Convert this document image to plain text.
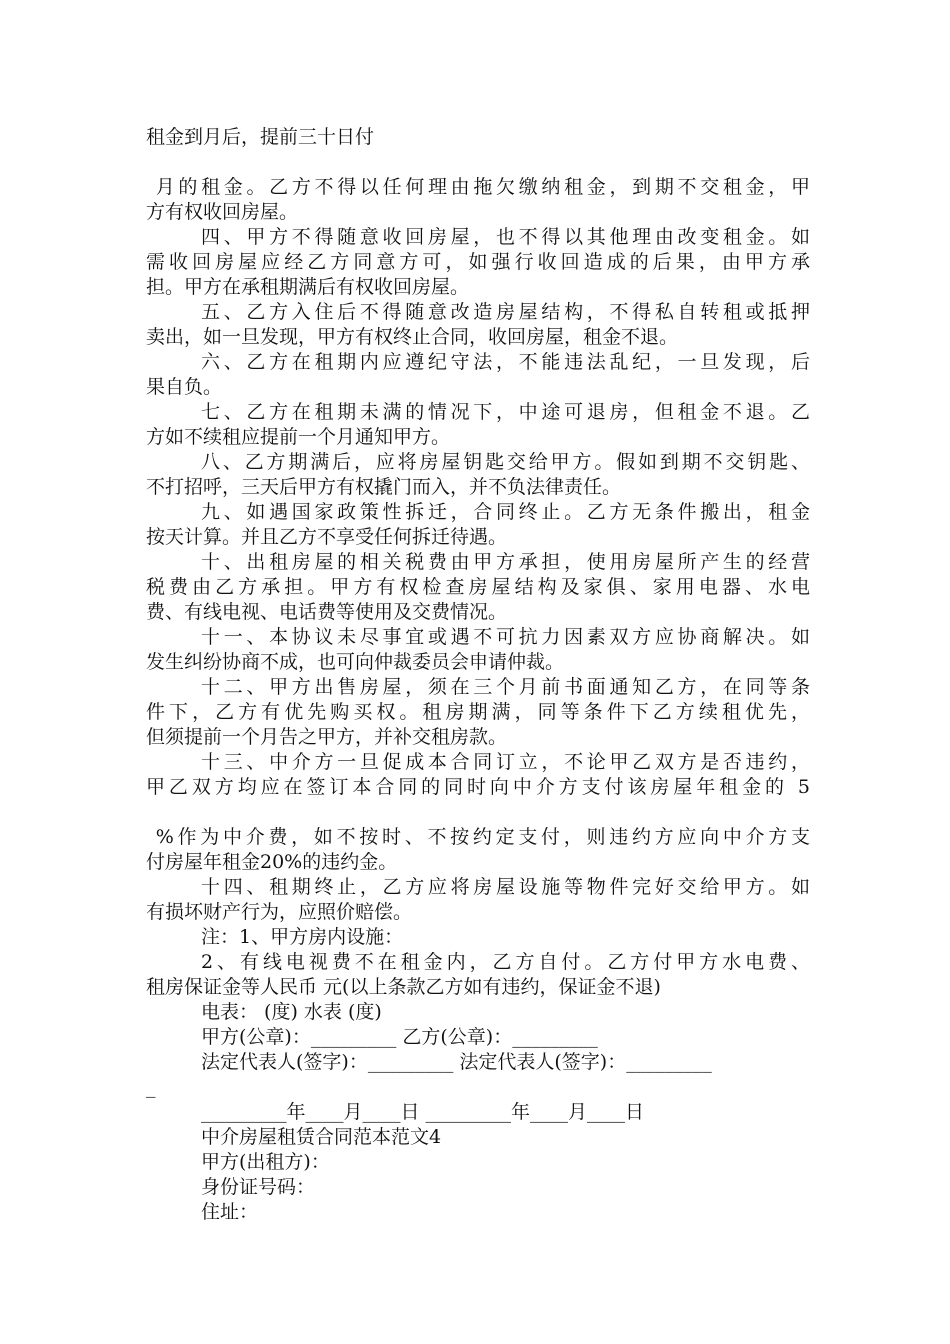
租金到月后，提前三十日付
月的租金。乙方不得以任何理由拖欠缴纳租金，到期不交租金，甲
方有权收回房屋。
四、甲方不得随意收回房屋，也不得以其他理由改变租金。如
需收回房屋应经乙方同意方可，如强行收回造成的后果，由甲方承
担。甲方在承租期满后有权收回房屋。
五、乙方入住后不得随意改造房屋结构，不得私自转租或抵押
卖出，如一旦发现，甲方有权终止合同，收回房屋，租金不退。
六、乙方在租期内应遵纪守法，不能违法乱纪，一旦发现，后
果自负。
七、乙方在租期未满的情况下，中途可退房，但租金不退。乙
方如不续租应提前一个月通知甲方。
八、乙方期满后，应将房屋钥匙交给甲方。假如到期不交钥匙、
不打招呼，三天后甲方有权撬门而入，并不负法律责任。
九、如遇国家政策性拆迁，合同终止。乙方无条件搬出，租金
按天计算。并且乙方不享受任何拆迁待遇。
十、出租房屋的相关税费由甲方承担，使用房屋所产生的经营
税费由乙方承担。甲方有权检查房屋结构及家俱、家用电器、水电
费、有线电视、电话费等使用及交费情况。
十一、本协议未尽事宜或遇不可抗力因素双方应协商解决。如
发生纠纷协商不成，也可向仲裁委员会申请仲裁。
十二、甲方出售房屋，须在三个月前书面通知乙方，在同等条
件下，乙方有优先购买权。租房期满，同等条件下乙方续租优先，
但须提前一个月告之甲方，并补交租房款。
十三、中介方一旦促成本合同订立，不论甲乙双方是否违约，
甲乙双方均应在签订本合同的同时向中介方支付该房屋年租金的 5
%作为中介费，如不按时、不按约定支付，则违约方应向中介方支
付房屋年租金20%的违约金。
十四、租期终止，乙方应将房屋设施等物件完好交给甲方。如
有损坏财产行为，应照价赔偿。
注：1、甲方房内设施：
2、有线电视费不在租金内，乙方自付。乙方付甲方水电费、
租房保证金等人民币 元(以上条款乙方如有违约，保证金不退)
电表： (度) 水表 (度)
甲方(公章)：_________ 乙方(公章)：_________
法定代表人(签字)：_________ 法定代表人(签字)：_________
_
_________年____月____日 _________年____月____日
中介房屋租赁合同范本范文4
甲方(出租方)：
身份证号码：
住址：
